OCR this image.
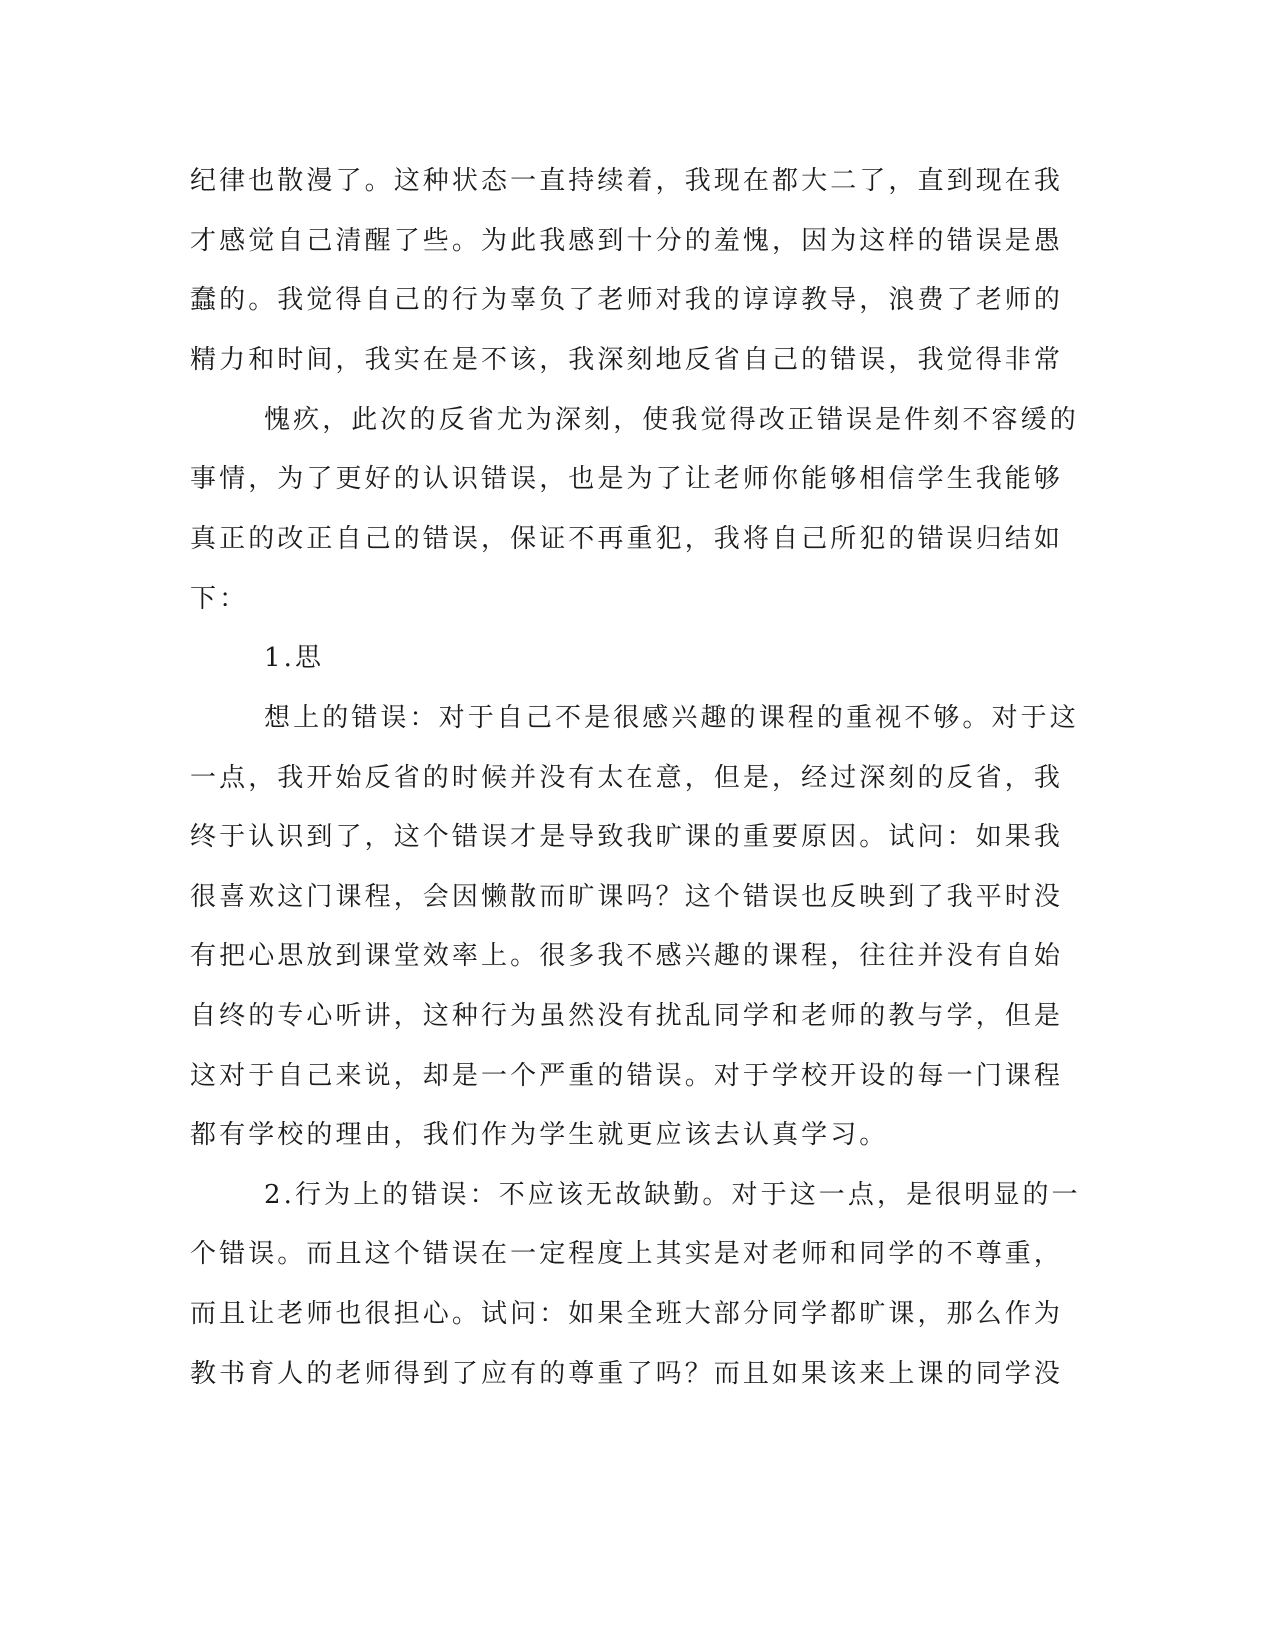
纪律也散漫了。这种状态一直持续着，我现在都大二了，直到现在我
才感觉自己清醒了些。为此我感到十分的羞愧，因为这样的错误是愚
蠢的。我觉得自己的行为辜负了老师对我的谆谆教导，浪费了老师的
精力和时间，我实在是不该，我深刻地反省自己的错误，我觉得非常
愧疚，此次的反省尤为深刻，使我觉得改正错误是件刻不容缓的
事情，为了更好的认识错误，也是为了让老师你能够相信学生我能够
真正的改正自己的错误，保证不再重犯，我将自己所犯的错误归结如
下：
1.思
想上的错误：对于自己不是很感兴趣的课程的重视不够。对于这
一点，我开始反省的时候并没有太在意，但是，经过深刻的反省，我
终于认识到了，这个错误才是导致我旷课的重要原因。试问：如果我
很喜欢这门课程，会因懒散而旷课吗？这个错误也反映到了我平时没
有把心思放到课堂效率上。很多我不感兴趣的课程，往往并没有自始
自终的专心听讲，这种行为虽然没有扰乱同学和老师的教与学，但是
这对于自己来说，却是一个严重的错误。对于学校开设的每一门课程
都有学校的理由，我们作为学生就更应该去认真学习。
2.行为上的错误：不应该无故缺勤。对于这一点，是很明显的一
个错误。而且这个错误在一定程度上其实是对老师和同学的不尊重，
而且让老师也很担心。试问：如果全班大部分同学都旷课，那么作为
教书育人的老师得到了应有的尊重了吗？而且如果该来上课的同学没
